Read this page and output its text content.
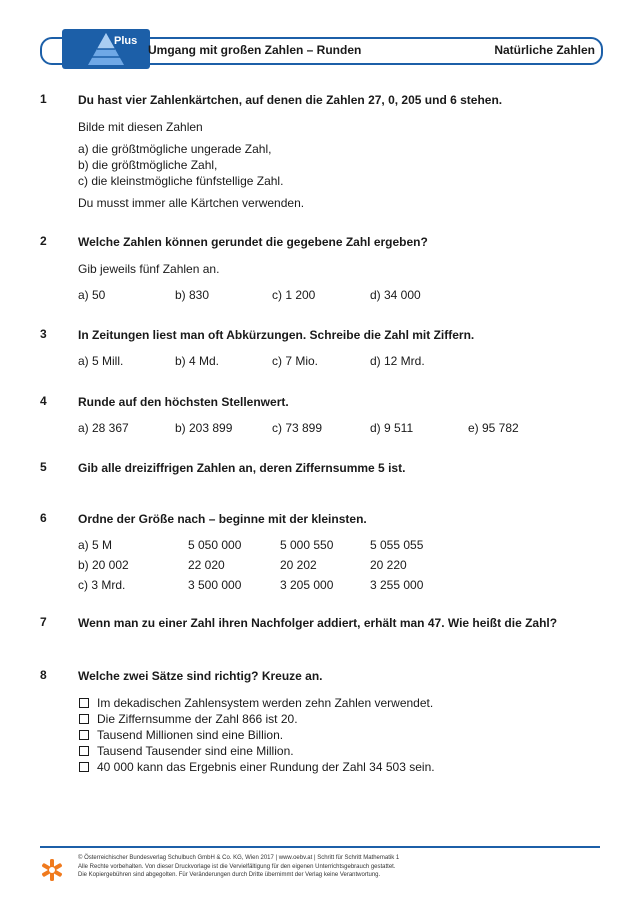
Plus
Umgang mit großen Zahlen – Runden	Natürliche Zahlen
1	Du hast vier Zahlenkärtchen, auf denen die Zahlen 27, 0, 205 und 6 stehen.
Bilde mit diesen Zahlen
a) die größtmögliche ungerade Zahl,
b) die größtmögliche Zahl,
c) die kleinstmögliche fünfstellige Zahl.
Du musst immer alle Kärtchen verwenden.
2	Welche Zahlen können gerundet die gegebene Zahl ergeben?
Gib jeweils fünf Zahlen an.
a) 50	b) 830	c) 1 200	d) 34 000
3	In Zeitungen liest man oft Abkürzungen. Schreibe die Zahl mit Ziffern.
a) 5 Mill.	b) 4 Md.	c) 7 Mio.	d) 12 Mrd.
4	Runde auf den höchsten Stellenwert.
a) 28 367	b) 203 899	c) 73 899	d) 9 511	e) 95 782
5	Gib alle dreiziffrigen Zahlen an, deren Ziffernsumme 5 ist.
6	Ordne der Größe nach – beginne mit der kleinsten.
a) 5 M	5 050 000	5 000 550	5 055 055
b) 20 002	22 020	20 202	20 220
c) 3 Mrd.	3 500 000	3 205 000	3 255 000
7	Wenn man zu einer Zahl ihren Nachfolger addiert, erhält man 47. Wie heißt die Zahl?
8	Welche zwei Sätze sind richtig? Kreuze an.
Im dekadischen Zahlensystem werden zehn Zahlen verwendet.
Die Ziffernsumme der Zahl 866 ist 20.
Tausend Millionen sind eine Billion.
Tausend Tausender sind eine Million.
40 000 kann das Ergebnis einer Rundung der Zahl 34 503 sein.
© Österreichischer Bundesverlag Schulbuch GmbH & Co. KG, Wien 2017 | www.oebv.at | Schritt für Schritt Mathematik 1
Alle Rechte vorbehalten. Von dieser Druckvorlage ist die Vervielfältigung für den eigenen Unterrichtsgebrauch gestattet.
Die Kopiergebühren sind abgegolten. Für Veränderungen durch Dritte übernimmt der Verlag keine Verantwortung.
